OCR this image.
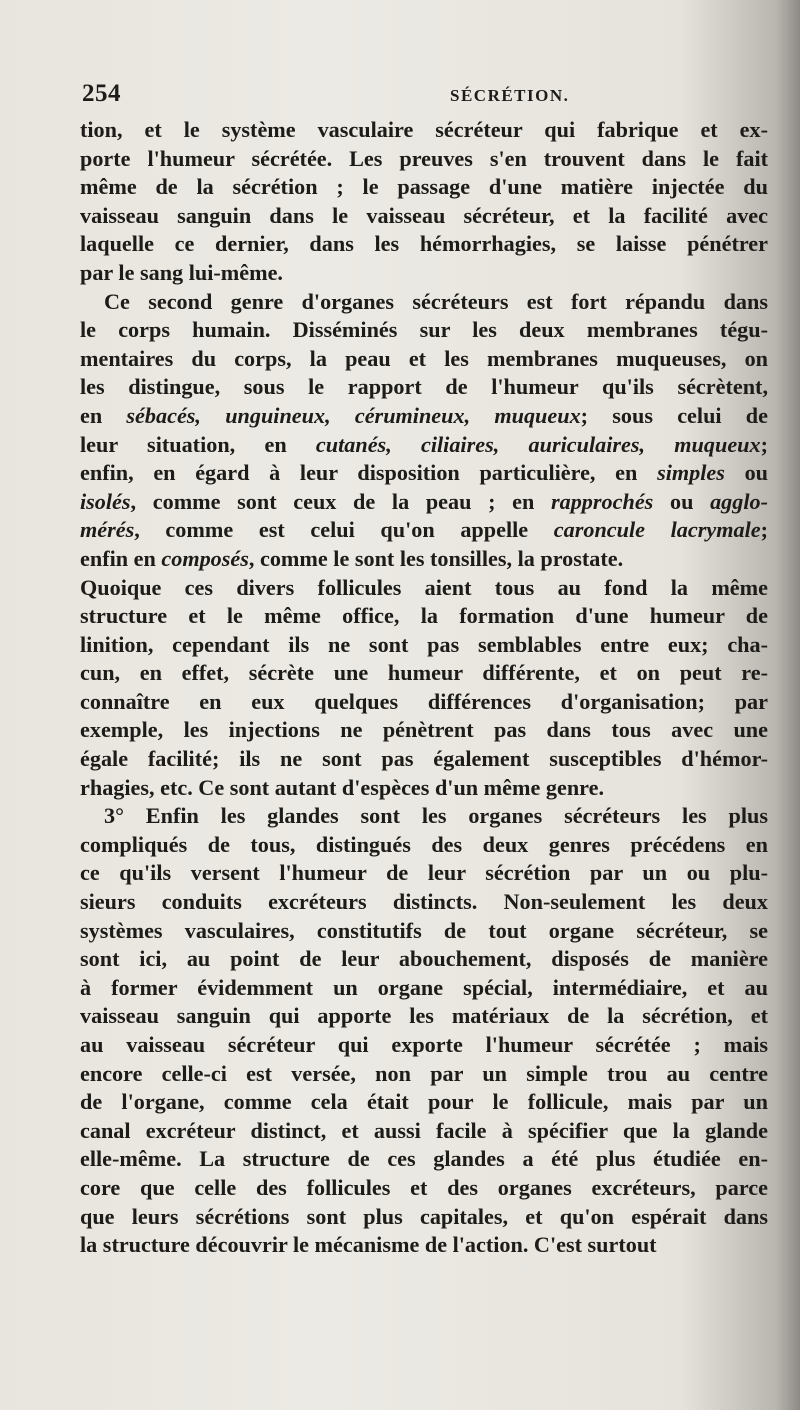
254	SÉCRÉTION.
tion, et le système vasculaire sécréteur qui fabrique et ex-
porte l'humeur sécrétée. Les preuves s'en trouvent dans le fait
même de la sécrétion ; le passage d'une matière injectée du
vaisseau sanguin dans le vaisseau sécréteur, et la facilité avec
laquelle ce dernier, dans les hémorrhagies, se laisse pénétrer
par le sang lui-même.
Ce second genre d'organes sécréteurs est fort répandu dans
le corps humain. Disséminés sur les deux membranes tégu-
mentaires du corps, la peau et les membranes muqueuses, on
les distingue, sous le rapport de l'humeur qu'ils sécrètent,
en sébacés, unguineux, cérumineux, muqueux; sous celui de
leur situation, en cutanés, ciliaires, auriculaires, muqueux;
enfin, en égard à leur disposition particulière, en simples ou
isolés, comme sont ceux de la peau ; en rapprochés ou agglo-
mérés, comme est celui qu'on appelle caroncule lacrymale;
enfin en composés, comme le sont les tonsilles, la prostate.
Quoique ces divers follicules aient tous au fond la même
structure et le même office, la formation d'une humeur de
linition, cependant ils ne sont pas semblables entre eux; cha-
cun, en effet, sécrète une humeur différente, et on peut re-
connaître en eux quelques différences d'organisation; par
exemple, les injections ne pénètrent pas dans tous avec une
égale facilité; ils ne sont pas également susceptibles d'hémor-
rhagies, etc. Ce sont autant d'espèces d'un même genre.
3° Enfin les glandes sont les organes sécréteurs les plus
compliqués de tous, distingués des deux genres précédens en
ce qu'ils versent l'humeur de leur sécrétion par un ou plu-
sieurs conduits excréteurs distincts. Non-seulement les deux
systèmes vasculaires, constitutifs de tout organe sécréteur, se
sont ici, au point de leur abouchement, disposés de manière
à former évidemment un organe spécial, intermédiaire, et au
vaisseau sanguin qui apporte les matériaux de la sécrétion, et
au vaisseau sécréteur qui exporte l'humeur sécrétée ; mais
encore celle-ci est versée, non par un simple trou au centre
de l'organe, comme cela était pour le follicule, mais par un
canal excréteur distinct, et aussi facile à spécifier que la glande
elle-même. La structure de ces glandes a été plus étudiée en-
core que celle des follicules et des organes excréteurs, parce
que leurs sécrétions sont plus capitales, et qu'on espérait dans
la structure découvrir le mécanisme de l'action. C'est surtout
